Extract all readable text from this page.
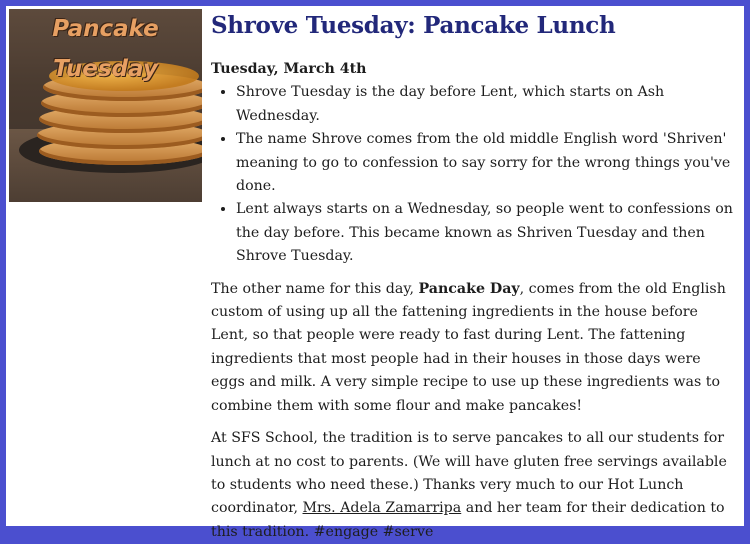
Pancake Tuesday
Shrove Tuesday: Pancake Lunch

Tuesday, March 4th

• Shrove Tuesday is the day before Lent, which starts on Ash Wednesday.
• The name Shrove comes from the old middle English word 'Shriven' meaning to go to confession to say sorry for the wrong things you've done.
• Lent always starts on a Wednesday, so people went to confessions on the day before. This became known as Shriven Tuesday and then Shrove Tuesday.

The other name for this day, Pancake Day, comes from the old English custom of using up all the fattening ingredients in the house before Lent, so that people were ready to fast during Lent. The fattening ingredients that most people had in their houses in those days were eggs and milk. A very simple recipe to use up these ingredients was to combine them with some flour and make pancakes!

At SFS School, the tradition is to serve pancakes to all our students for lunch at no cost to parents. (We will have gluten free servings available to students who need these.) Thanks very much to our Hot Lunch coordinator, Mrs. Adela Zamarripa and her team for their dedication to this tradition. #engage #serve
